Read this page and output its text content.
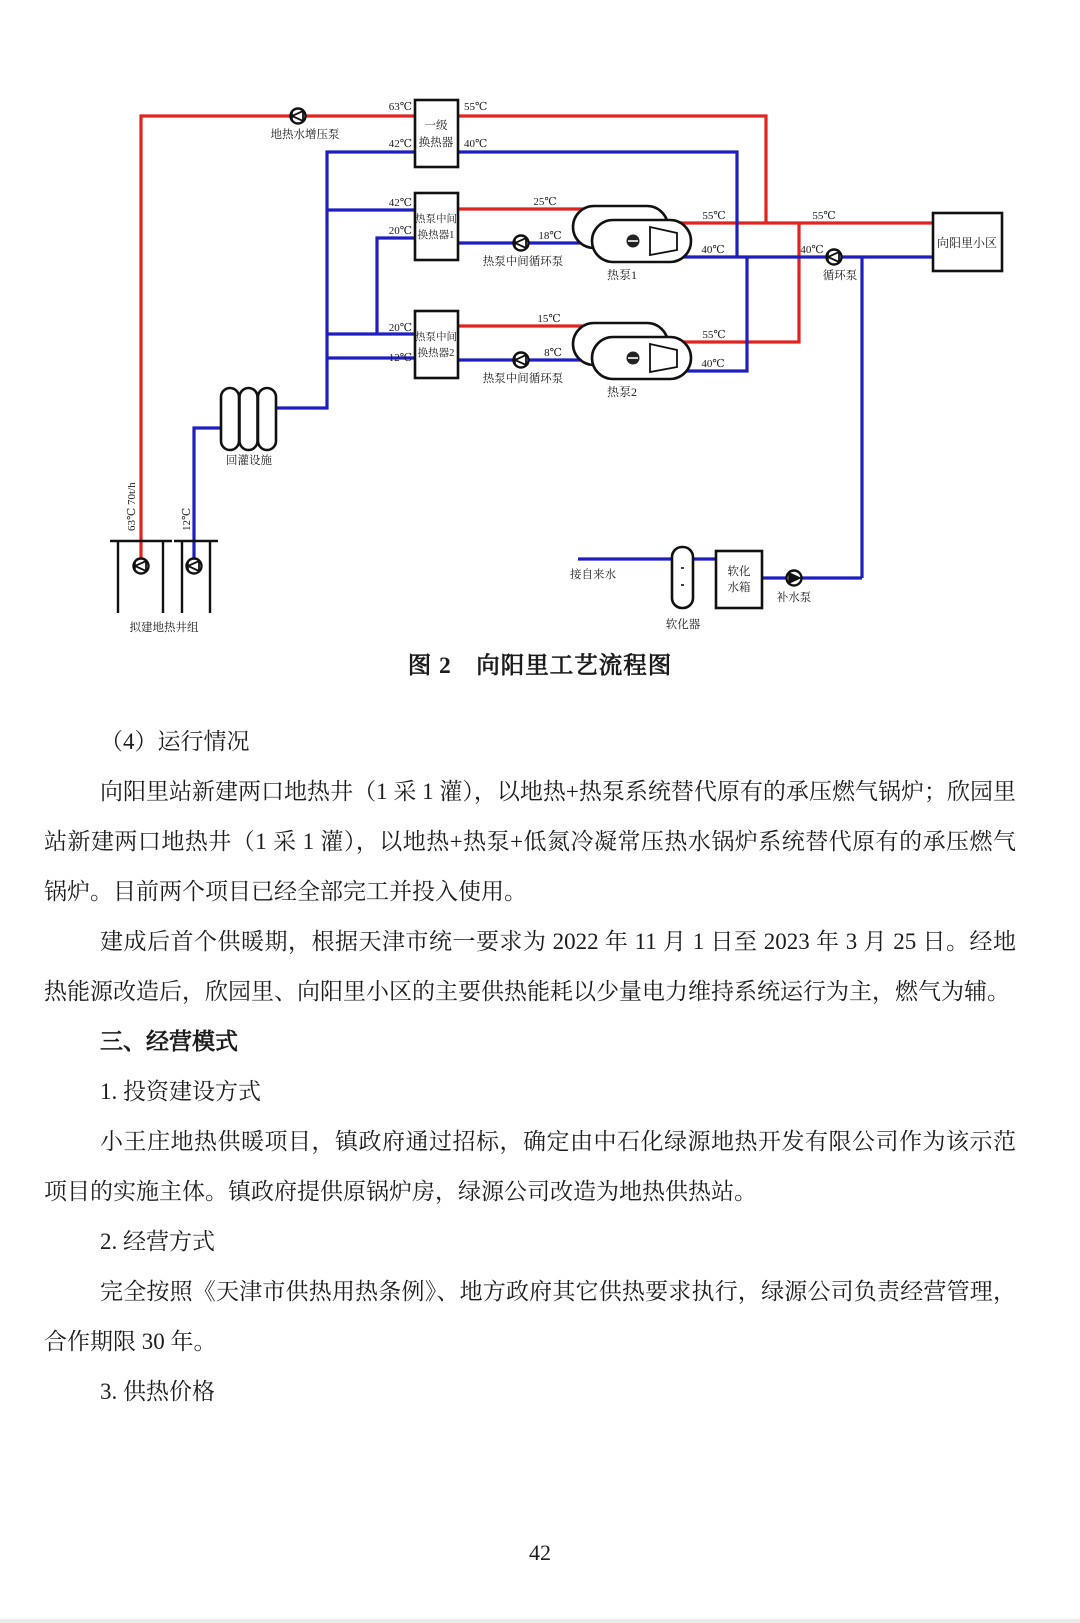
63℃
42℃
55℃
40℃
42℃
20℃
20℃
12℃
25℃
18℃
15℃
8℃
55℃
40℃
55℃
40℃
55℃
40℃
63℃ 70t/h	12℃
一级
换热器
热泵中间
换热器1
热泵中间
换热器2
热泵1
热泵2
向阳里小区
回灌设施
拟建地热井组	软化器
软化
水箱
接自来水
地热水增压泵
热泵中间循环泵
热泵中间循环泵
循环泵
补水泵
图 2　向阳里工艺流程图

（4）运行情况

向阳里站新建两口地热井（1 采 1 灌），以地热+热泵系统替代原有的承压燃气锅炉；欣园里站新建两口地热井（1 采 1 灌），以地热+热泵+低氮冷凝常压热水锅炉系统替代原有的承压燃气锅炉。目前两个项目已经全部完工并投入使用。

建成后首个供暖期，根据天津市统一要求为 2022 年 11 月 1 日至 2023 年 3 月 25 日。经地热能源改造后，欣园里、向阳里小区的主要供热能耗以少量电力维持系统运行为主，燃气为辅。

三、经营模式

1. 投资建设方式

小王庄地热供暖项目，镇政府通过招标，确定由中石化绿源地热开发有限公司作为该示范项目的实施主体。镇政府提供原锅炉房，绿源公司改造为地热供热站。

2. 经营方式

完全按照《天津市供热用热条例》、地方政府其它供热要求执行，绿源公司负责经营管理，合作期限 30 年。

3. 供热价格

42
